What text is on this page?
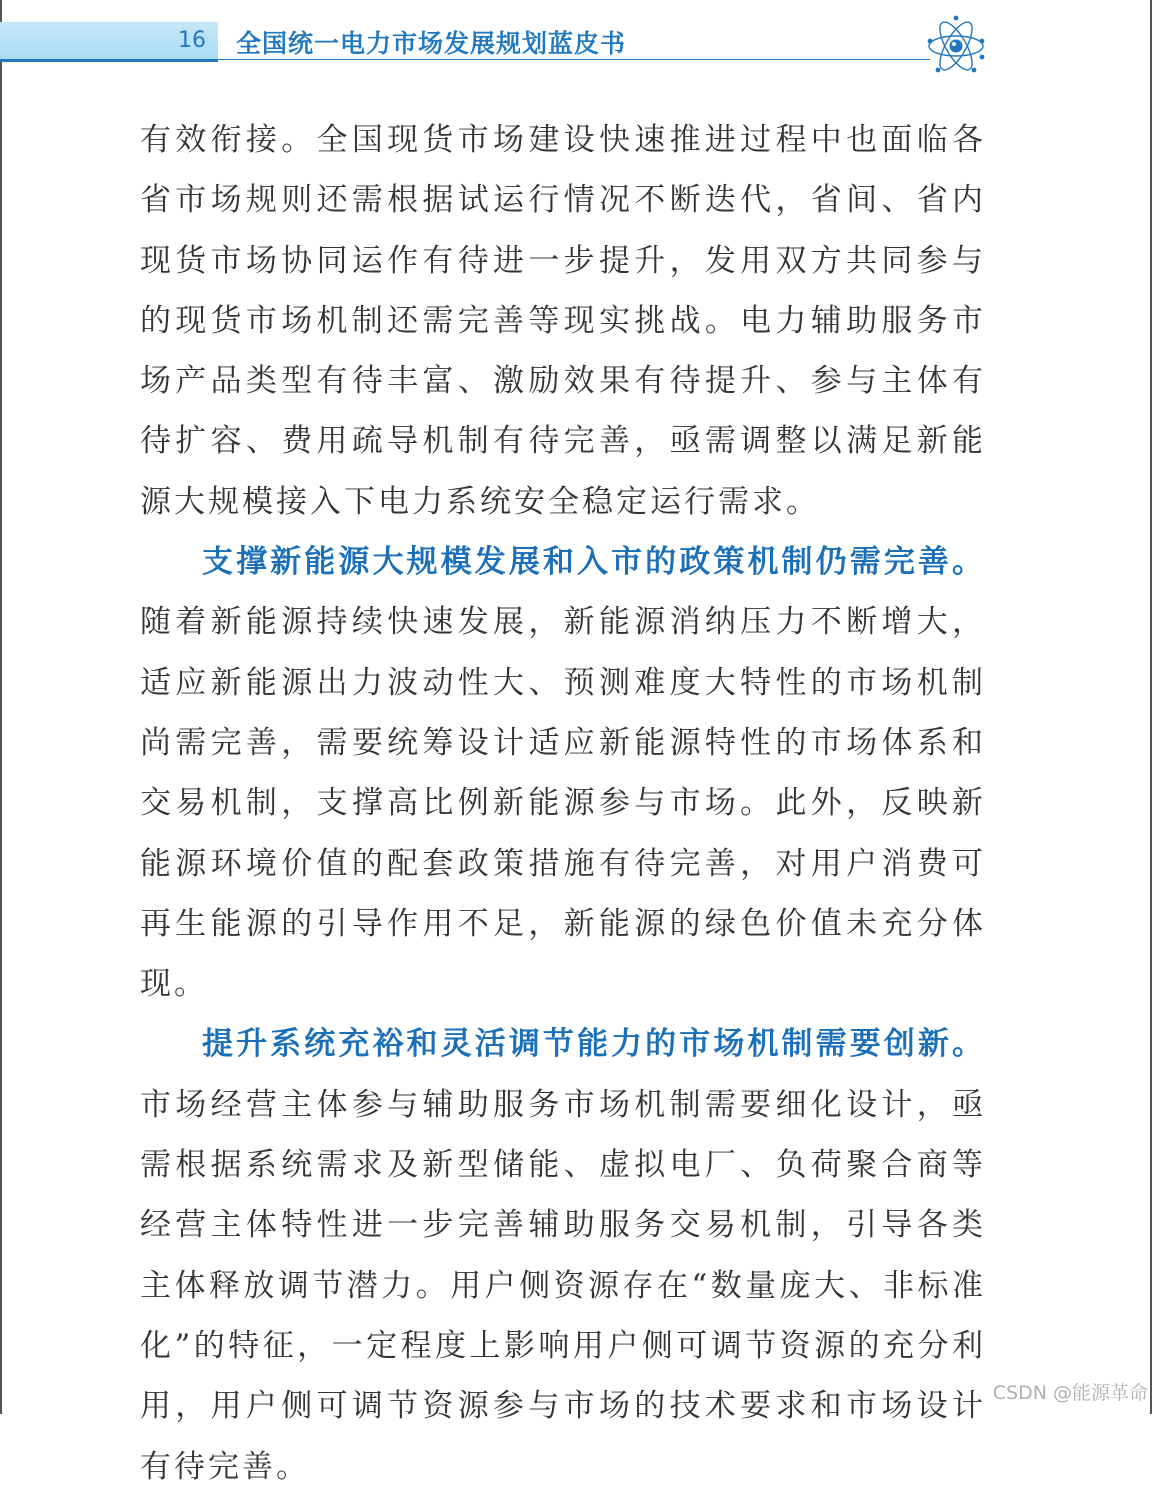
16 全国统一电力市场发展规划蓝皮书

有效衔接。全国现货市场建设快速推进过程中也面临各省市场规则还需根据试运行情况不断迭代，省间、省内现货市场协同运作有待进一步提升，发用双方共同参与的现货市场机制还需完善等现实挑战。电力辅助服务市场产品类型有待丰富、激励效果有待提升、参与主体有待扩容、费用疏导机制有待完善，亟需调整以满足新能源大规模接入下电力系统安全稳定运行需求。

支撑新能源大规模发展和入市的政策机制仍需完善。随着新能源持续快速发展，新能源消纳压力不断增大，适应新能源出力波动性大、预测难度大特性的市场机制尚需完善，需要统筹设计适应新能源特性的市场体系和交易机制，支撑高比例新能源参与市场。此外，反映新能源环境价值的配套政策措施有待完善，对用户消费可再生能源的引导作用不足，新能源的绿色价值未充分体现。

提升系统充裕和灵活调节能力的市场机制需要创新。市场经营主体参与辅助服务市场机制需要细化设计，亟需根据系统需求及新型储能、虚拟电厂、负荷聚合商等经营主体特性进一步完善辅助服务交易机制，引导各类主体释放调节潜力。用户侧资源存在“数量庞大、非标准化”的特征，一定程度上影响用户侧可调节资源的充分利用，用户侧可调节资源参与市场的技术要求和市场设计有待完善。

CSDN @能源革命
